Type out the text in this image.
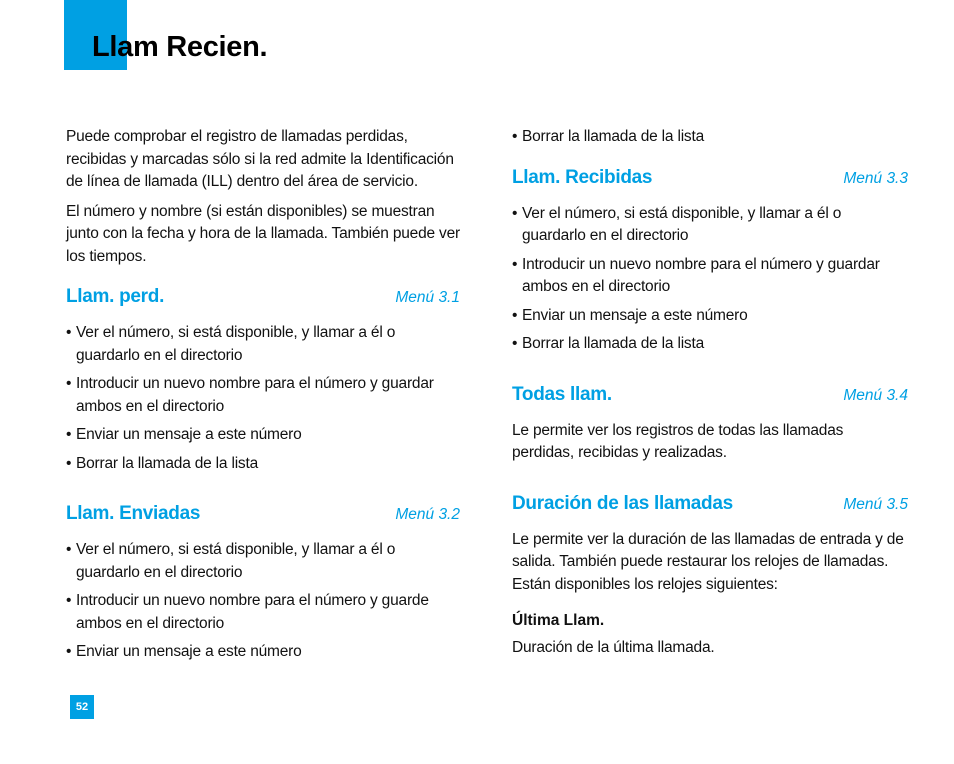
Llam Recien.

Puede comprobar el registro de llamadas perdidas, recibidas y marcadas sólo si la red admite la Identificación de línea de llamada (ILL) dentro del área de servicio.

El número y nombre (si están disponibles) se muestran junto con la fecha y hora de la llamada. También puede ver los tiempos.

Llam. perd.	Menú 3.1
• Ver el número, si está disponible, y llamar a él o guardarlo en el directorio
• Introducir un nuevo nombre para el número y guardar ambos en el directorio
• Enviar un mensaje a este número
• Borrar la llamada de la lista
Llam. Enviadas	Menú 3.2
• Ver el número, si está disponible, y llamar a él o guardarlo en el directorio
• Introducir un nuevo nombre para el número y guarde ambos en el directorio
• Enviar un mensaje a este número
• Borrar la llamada de la lista
Llam. Recibidas	Menú 3.3
• Ver el número, si está disponible, y llamar a él o guardarlo en el directorio
• Introducir un nuevo nombre para el número y guardar ambos en el directorio
• Enviar un mensaje a este número
• Borrar la llamada de la lista
Todas llam.	Menú 3.4

Le permite ver los registros de todas las llamadas perdidas, recibidas y realizadas.

Duración de las llamadas	Menú 3.5

Le permite ver la duración de las llamadas de entrada y de salida. También puede restaurar los relojes de llamadas. Están disponibles los relojes siguientes:

Última Llam.

Duración de la última llamada.

52
